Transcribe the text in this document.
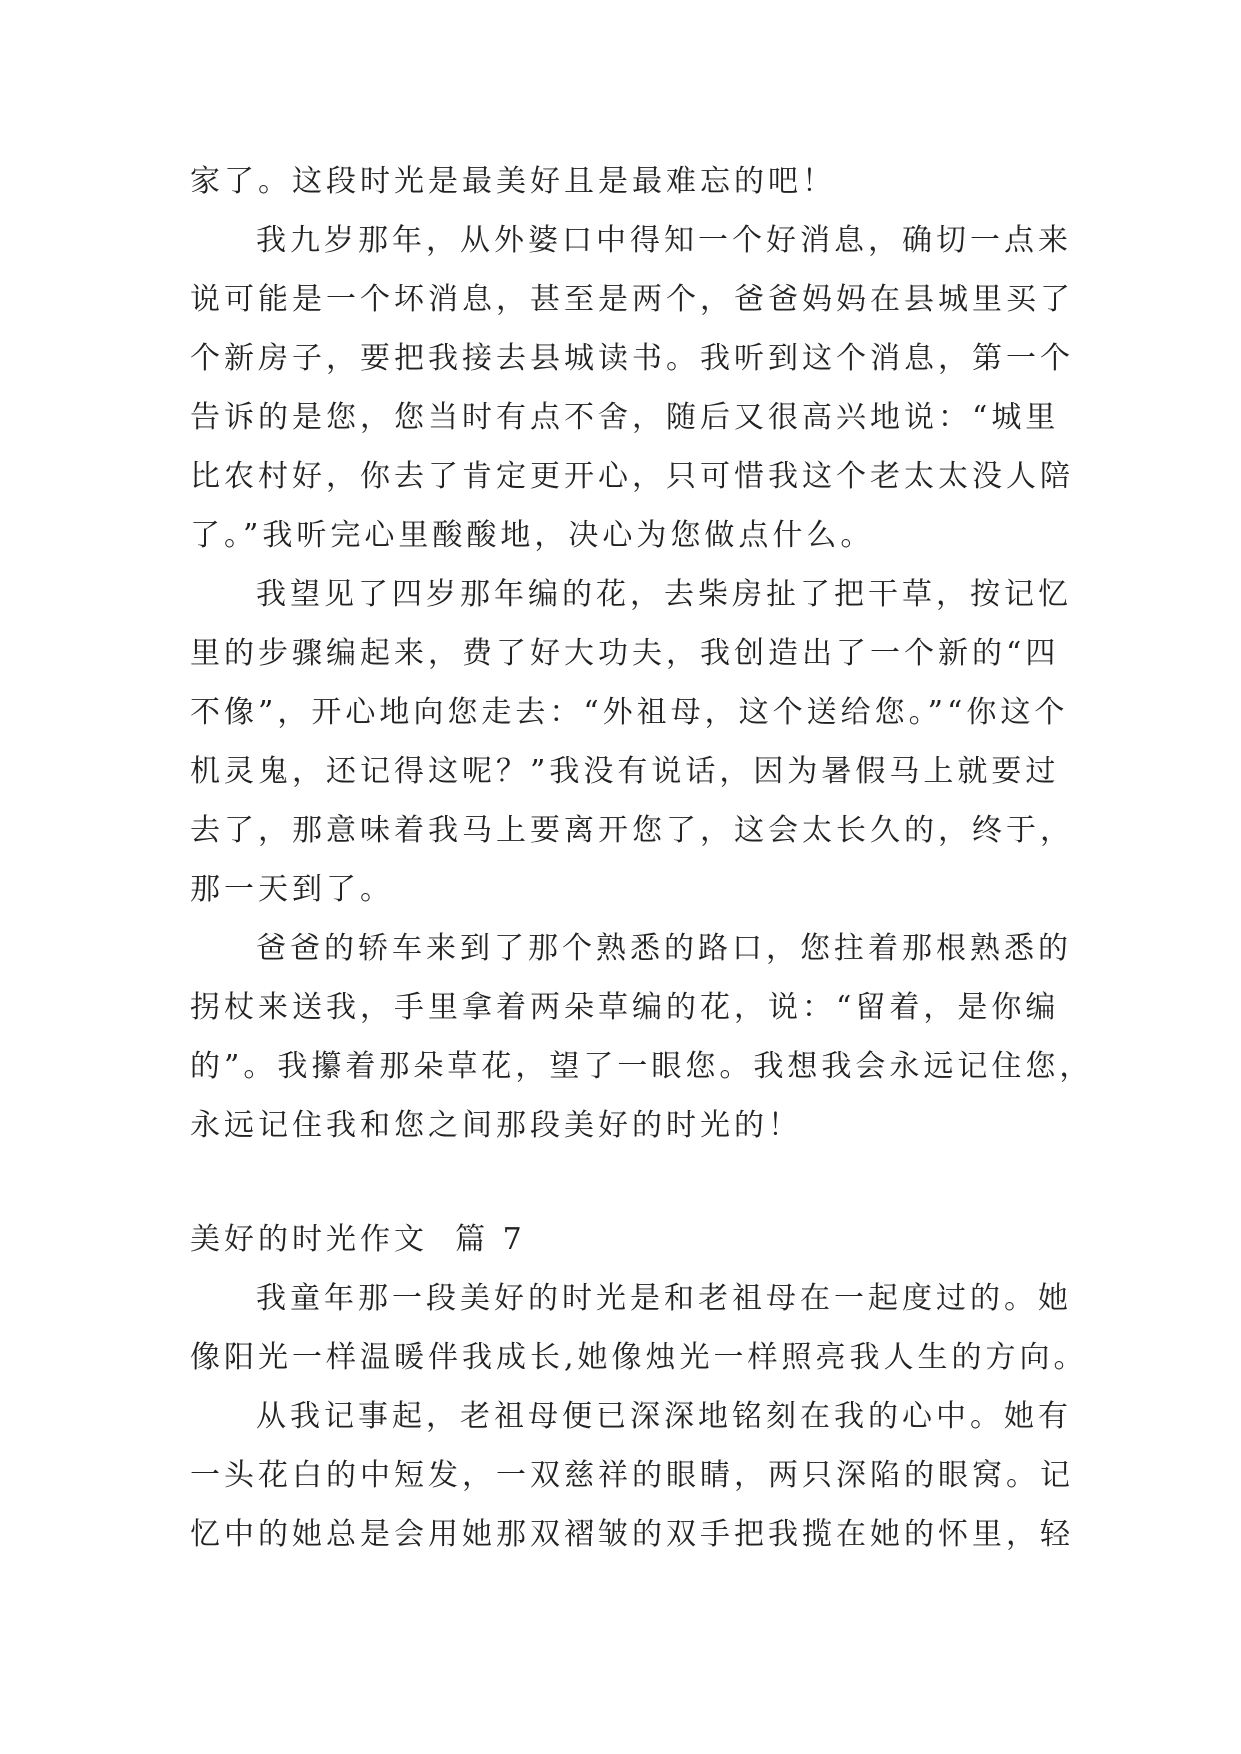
家了。这段时光是最美好且是最难忘的吧！
我九岁那年，从外婆口中得知一个好消息，确切一点来
说可能是一个坏消息，甚至是两个，爸爸妈妈在县城里买了
个新房子，要把我接去县城读书。我听到这个消息，第一个
告诉的是您，您当时有点不舍，随后又很高兴地说：“城里
比农村好，你去了肯定更开心，只可惜我这个老太太没人陪
了。”我听完心里酸酸地，决心为您做点什么。
我望见了四岁那年编的花，去柴房扯了把干草，按记忆
里的步骤编起来，费了好大功夫，我创造出了一个新的“四
不像”，开心地向您走去：“外祖母，这个送给您。”“你这个
机灵鬼，还记得这呢？”我没有说话，因为暑假马上就要过
去了，那意味着我马上要离开您了，这会太长久的，终于，
那一天到了。
爸爸的轿车来到了那个熟悉的路口，您拄着那根熟悉的
拐杖来送我，手里拿着两朵草编的花，说：“留着，是你编
的”。我攥着那朵草花，望了一眼您。我想我会永远记住您，
永远记住我和您之间那段美好的时光的！
美好的时光作文  篇 7
我童年那一段美好的时光是和老祖母在一起度过的。她
像阳光一样温暖伴我成长,她像烛光一样照亮我人生的方向。
从我记事起，老祖母便已深深地铭刻在我的心中。她有
一头花白的中短发，一双慈祥的眼睛，两只深陷的眼窝。记
忆中的她总是会用她那双褶皱的双手把我揽在她的怀里，轻
